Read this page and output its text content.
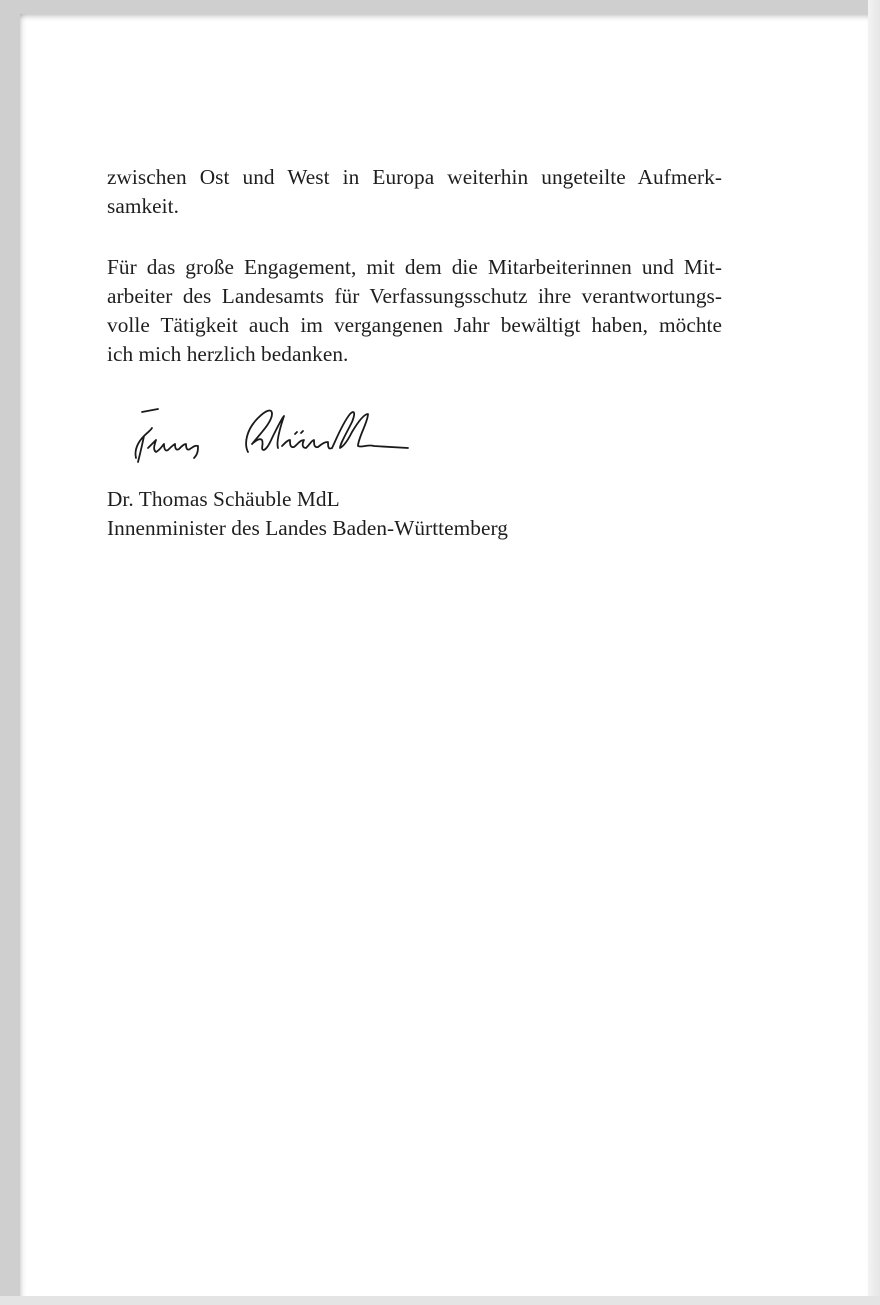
zwischen Ost und West in Europa weiterhin ungeteilte Aufmerk-
samkeit.
Für das große Engagement, mit dem die Mitarbeiterinnen und Mit-
arbeiter des Landesamts für Verfassungsschutz ihre verantwortungs-
volle Tätigkeit auch im vergangenen Jahr bewältigt haben, möchte
ich mich herzlich bedanken.
Dr. Thomas Schäuble MdL
Innenminister des Landes Baden-Württemberg
